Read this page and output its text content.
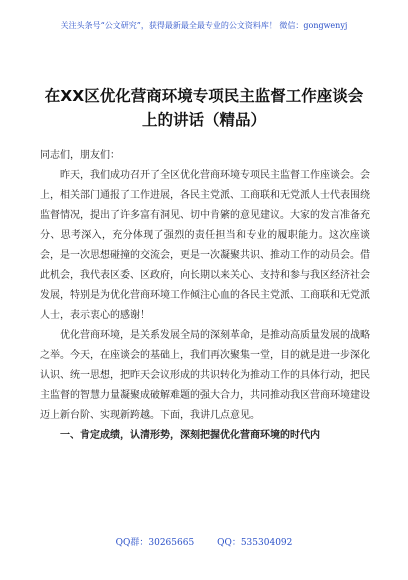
关注头条号“公文研究”，获得最新最全最专业的公文资料库！ 微信：gongwenyj
在XX区优化营商环境专项民主监督工作座谈会上的讲话（精品）

同志们，朋友们：

昨天，我们成功召开了全区优化营商环境专项民主监督工作座谈会。会上，相关部门通报了工作进展，各民主党派、工商联和无党派人士代表围绕监督情况，提出了许多富有洞见、切中肯綮的意见建议。大家的发言准备充分、思考深入，充分体现了强烈的责任担当和专业的履职能力。这次座谈会，是一次思想碰撞的交流会，更是一次凝聚共识、推动工作的动员会。借此机会，我代表区委、区政府，向长期以来关心、支持和参与我区经济社会发展，特别是为优化营商环境工作倾注心血的各民主党派、工商联和无党派人士，表示衷心的感谢！

优化营商环境，是关系发展全局的深刻革命，是推动高质量发展的战略之举。今天，在座谈会的基础上，我们再次聚集一堂，目的就是进一步深化认识、统一思想，把昨天会议形成的共识转化为推动工作的具体行动，把民主监督的智慧力量凝聚成破解难题的强大合力，共同推动我区营商环境建设迈上新台阶、实现新跨越。下面，我讲几点意见。

一、肯定成绩，认清形势，深刻把握优化营商环境的时代内

QQ群：30265665	QQ：535304092
